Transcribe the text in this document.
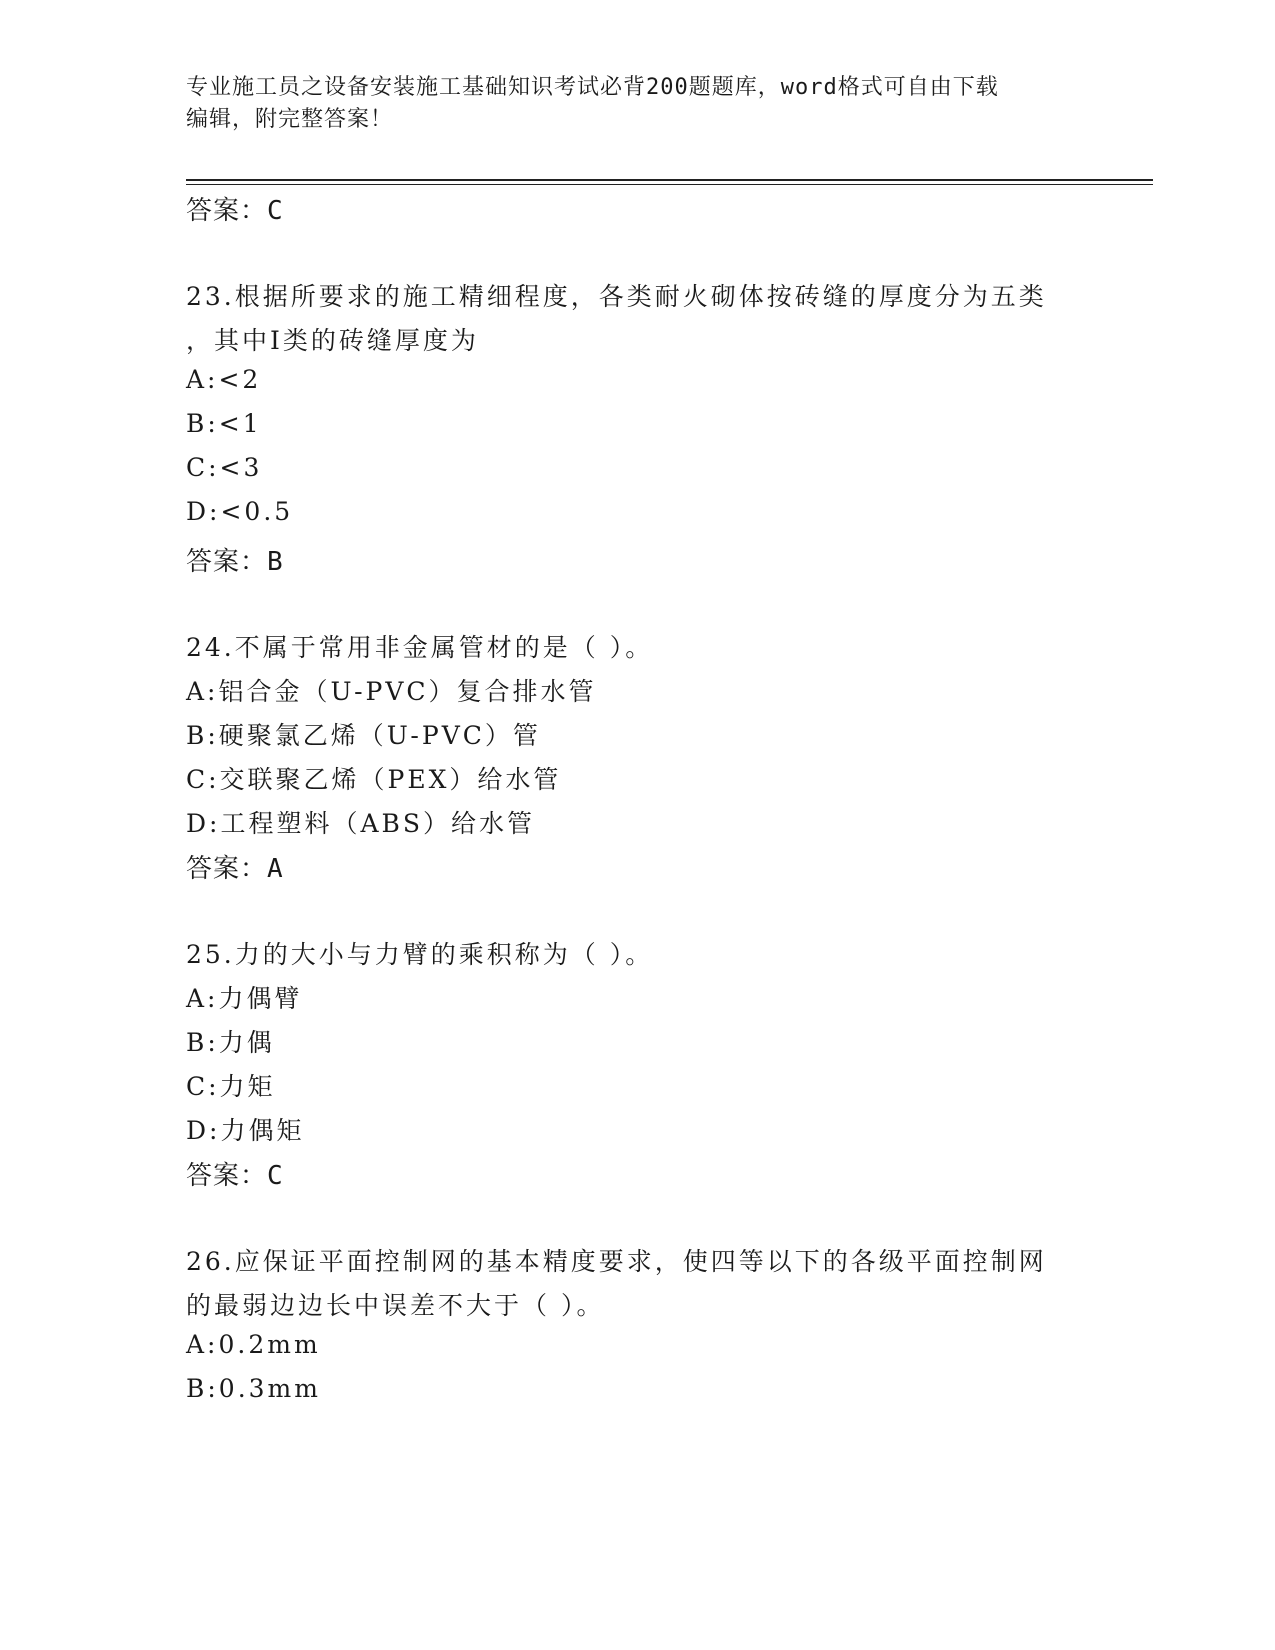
专业施工员之设备安装施工基础知识考试必背200题题库，word格式可自由下载
编辑，附完整答案！
答案：C
23.根据所要求的施工精细程度，各类耐火砌体按砖缝的厚度分为五类
，其中Ⅰ类的砖缝厚度为
A:<2
B:<1
C:<3
D:<0.5
答案：B
24.不属于常用非金属管材的是（ ）。
A:铝合金（U-PVC）复合排水管
B:硬聚氯乙烯（U-PVC）管
C:交联聚乙烯（PEX）给水管
D:工程塑料（ABS）给水管
答案：A
25.力的大小与力臂的乘积称为（ ）。
A:力偶臂
B:力偶
C:力矩
D:力偶矩
答案：C
26.应保证平面控制网的基本精度要求，使四等以下的各级平面控制网
的最弱边边长中误差不大于（ ）。
A:0.2mm
B:0.3mm
